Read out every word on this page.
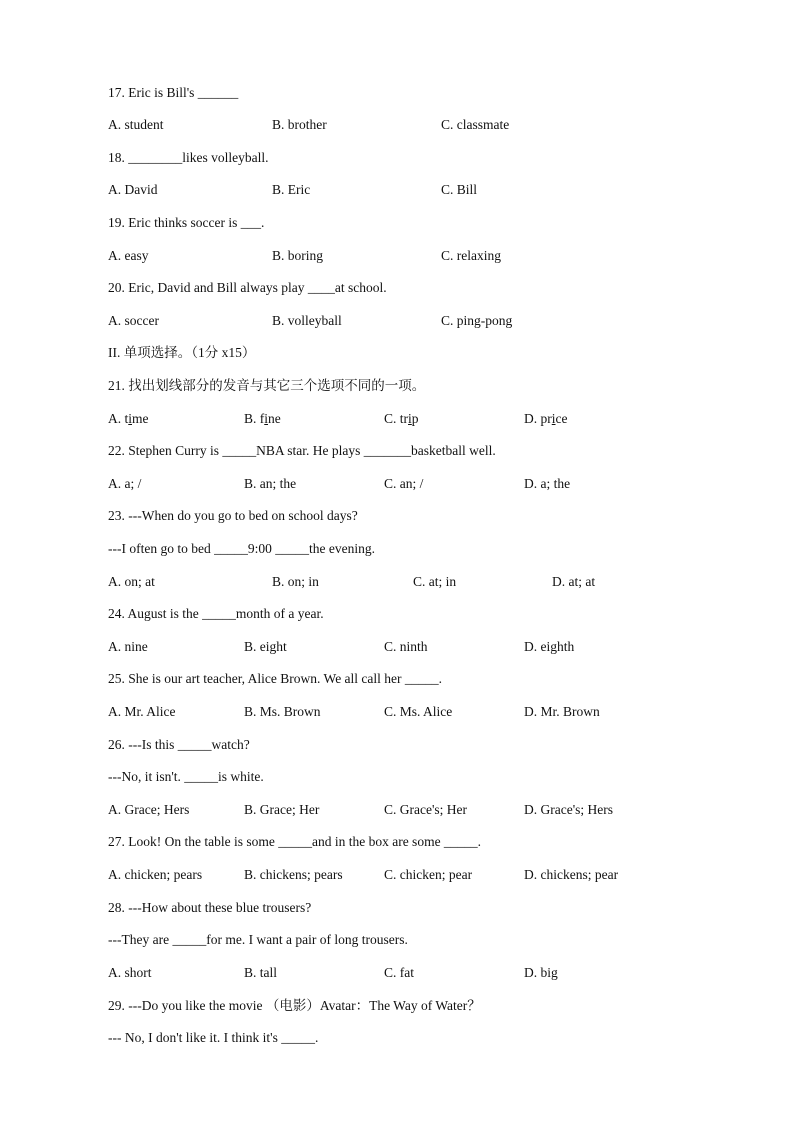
17. Eric is Bill's ______
A. student	B. brother	C. classmate
18. ________likes volleyball.
A. David	B. Eric	C. Bill
19. Eric thinks soccer is ___.
A. easy	B. boring	C. relaxing
20. Eric, David and Bill always play ____at school.
A. soccer	B. volleyball	C. ping-pong
II. 单项选择。（1分 x15）
21. 找出划线部分的发音与其它三个选项不同的一项。
A. time	B. fine	C. trip	D. price
22. Stephen Curry is _____NBA star. He plays _______basketball well.
A. a; /	B. an; the	C. an; /	D. a; the
23. ---When do you go to bed on school days?
---I often go to bed _____9:00 _____the evening.
A. on; at	B. on; in	C. at; in	D. at; at
24. August is the _____month of a year.
A. nine	B. eight	C. ninth	D. eighth
25. She is our art teacher, Alice Brown. We all call her _____.
A. Mr. Alice	B. Ms. Brown	C. Ms. Alice	D. Mr. Brown
26. ---Is this _____watch?
---No, it isn't. _____is white.
A. Grace; Hers	B. Grace; Her	C. Grace's; Her	D. Grace's; Hers
27. Look! On the table is some _____and in the box are some _____.
A. chicken; pears	B. chickens; pears	C. chicken; pear	D. chickens; pear
28. ---How about these blue trousers?
---They are _____for me. I want a pair of long trousers.
A. short	B. tall	C. fat	D. big
29. ---Do you like the movie （电影）Avatar：The Way of Water？
--- No, I don't like it. I think it's _____.
